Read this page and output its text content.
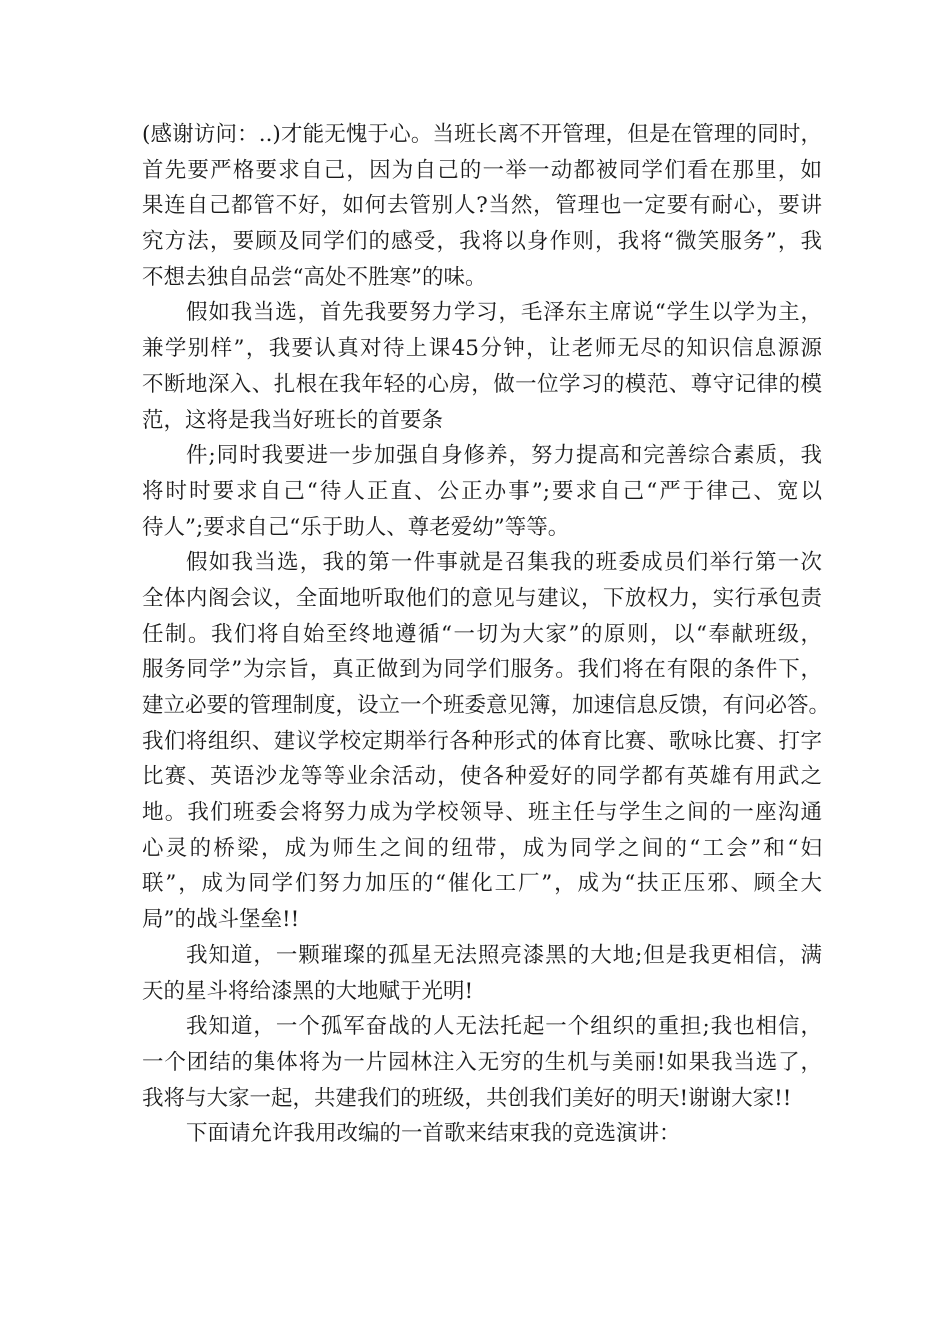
(感谢访问：..)才能无愧于心。当班长离不开管理，但是在管理的同时，
首先要严格要求自己，因为自己的一举一动都被同学们看在那里，如
果连自己都管不好，如何去管别人?当然，管理也一定要有耐心，要讲
究方法，要顾及同学们的感受，我将以身作则，我将“微笑服务”，我
不想去独自品尝“高处不胜寒”的味。
假如我当选，首先我要努力学习，毛泽东主席说“学生以学为主，
兼学别样”，我要认真对待上课45分钟，让老师无尽的知识信息源源
不断地深入、扎根在我年轻的心房，做一位学习的模范、尊守记律的模
范，这将是我当好班长的首要条
件;同时我要进一步加强自身修养，努力提高和完善综合素质，我
将时时要求自己“待人正直、公正办事”;要求自己“严于律己、宽以
待人”;要求自己“乐于助人、尊老爱幼”等等。
假如我当选，我的第一件事就是召集我的班委成员们举行第一次
全体内阁会议，全面地听取他们的意见与建议，下放权力，实行承包责
任制。我们将自始至终地遵循“一切为大家”的原则，以“奉献班级，
服务同学”为宗旨，真正做到为同学们服务。我们将在有限的条件下，
建立必要的管理制度，设立一个班委意见簿，加速信息反馈，有问必答。
我们将组织、建议学校定期举行各种形式的体育比赛、歌咏比赛、打字
比赛、英语沙龙等等业余活动，使各种爱好的同学都有英雄有用武之
地。我们班委会将努力成为学校领导、班主任与学生之间的一座沟通
心灵的桥梁，成为师生之间的纽带，成为同学之间的“工会”和“妇
联”，成为同学们努力加压的“催化工厂”，成为“扶正压邪、顾全大
局”的战斗堡垒!!
我知道，一颗璀璨的孤星无法照亮漆黑的大地;但是我更相信，满
天的星斗将给漆黑的大地赋于光明!
我知道，一个孤军奋战的人无法托起一个组织的重担;我也相信，
一个团结的集体将为一片园林注入无穷的生机与美丽!如果我当选了，
我将与大家一起，共建我们的班级，共创我们美好的明天!谢谢大家!!
下面请允许我用改编的一首歌来结束我的竞选演讲：
